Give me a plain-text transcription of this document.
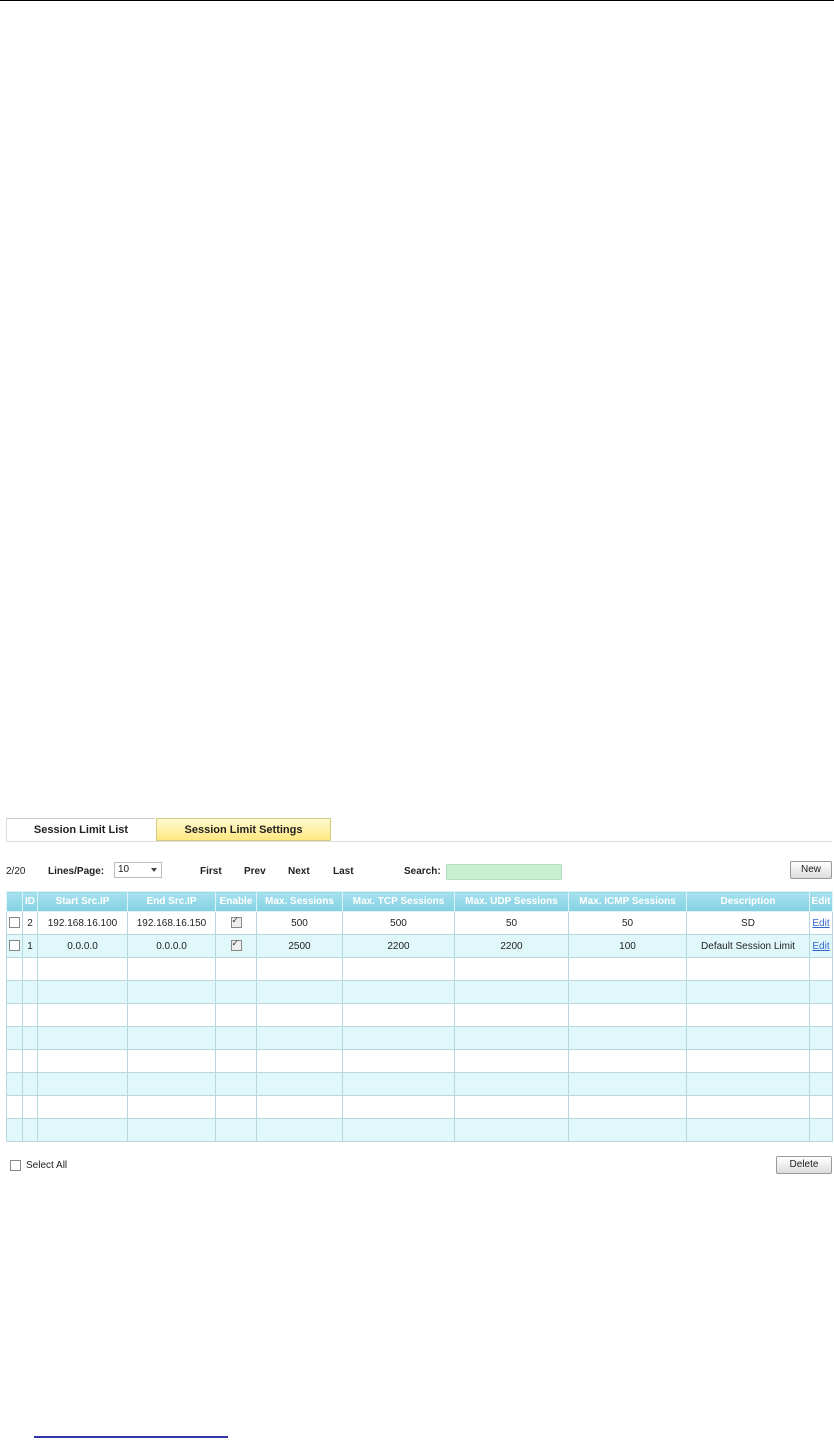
Session Limit List	Session Limit Settings
2/20 Lines/Page:	10	First Prev Next Last	Search:	New
	ID	Start Src.IP	End Src.IP	Enable	Max. Sessions	Max. TCP Sessions	Max. UDP Sessions	Max. ICMP Sessions	Description	Edit
	2	192.168.16.100	192.168.16.150	✓	500	500	50	50	SD	Edit
	1	0.0.0.0	0.0.0.0	✓	2500	2200	2200	100	Default Session Limit	Edit

Select All	Delete
